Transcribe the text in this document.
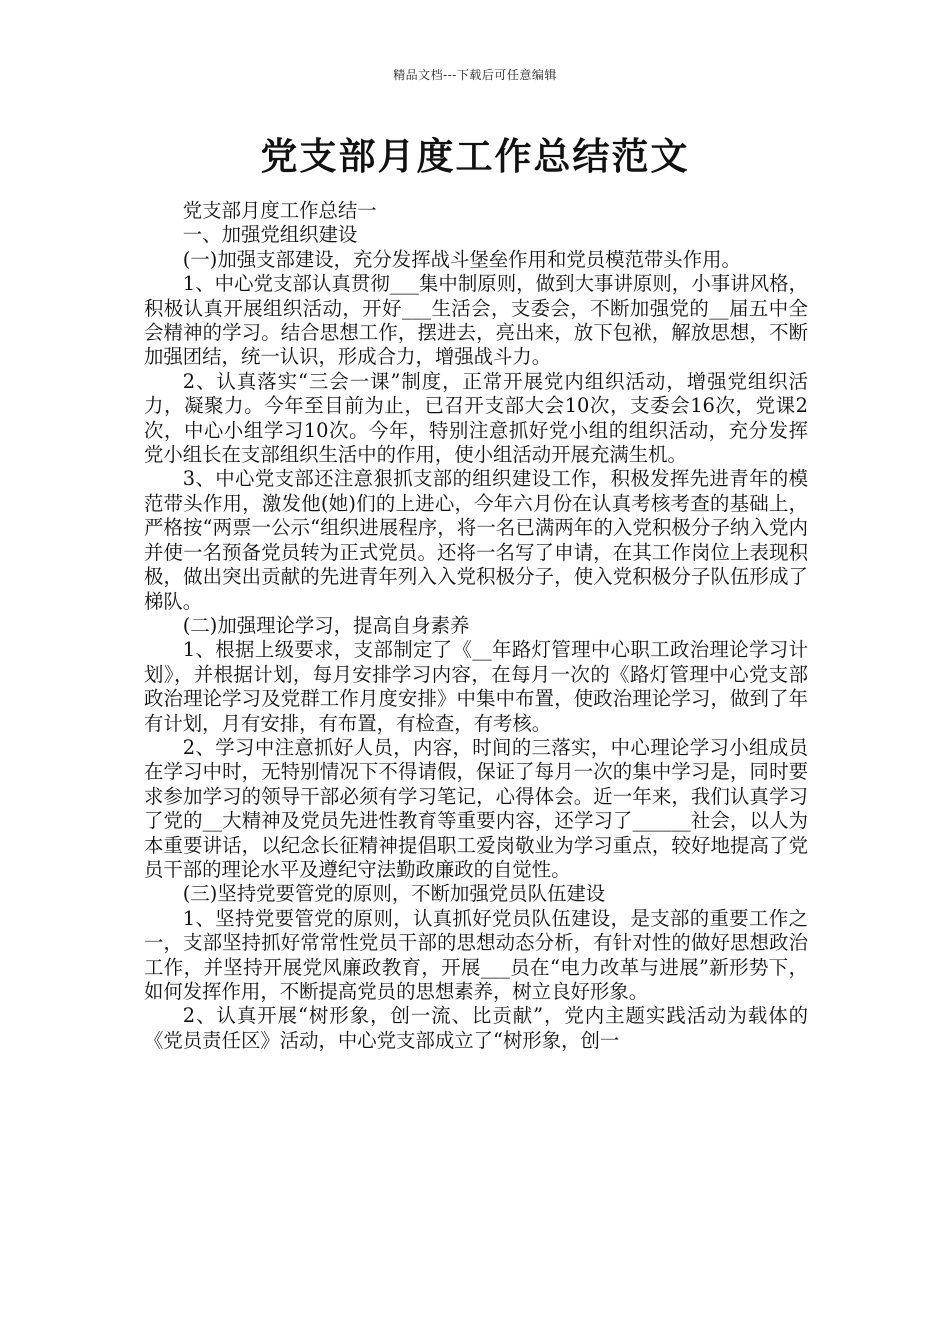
精品文档---下载后可任意编辑
党支部月度工作总结范文

党支部月度工作总结一

一、加强党组织建设

(一)加强支部建设，充分发挥战斗堡垒作用和党员模范带头作用。

1、中心党支部认真贯彻___集中制原则，做到大事讲原则，小事讲风格，积极认真开展组织活动，开好___生活会，支委会，不断加强党的__届五中全会精神的学习。结合思想工作，摆进去，亮出来，放下包袱，解放思想，不断加强团结，统一认识，形成合力，增强战斗力。

2、认真落实“三会一课”制度，正常开展党内组织活动，增强党组织活力，凝聚力。今年至目前为止，已召开支部大会10次，支委会16次，党课2次，中心小组学习10次。今年，特别注意抓好党小组的组织活动，充分发挥党小组长在支部组织生活中的作用，使小组活动开展充满生机。

3、中心党支部还注意狠抓支部的组织建设工作，积极发挥先进青年的模范带头作用，激发他(她)们的上进心，今年六月份在认真考核考查的基础上，严格按“两票一公示“组织进展程序，将一名已满两年的入党积极分子纳入党内并使一名预备党员转为正式党员。还将一名写了申请，在其工作岗位上表现积极，做出突出贡献的先进青年列入入党积极分子，使入党积极分子队伍形成了梯队。

(二)加强理论学习，提高自身素养

1、根据上级要求，支部制定了《__年路灯管理中心职工政治理论学习计划》，并根据计划，每月安排学习内容，在每月一次的《路灯管理中心党支部政治理论学习及党群工作月度安排》中集中布置，使政治理论学习，做到了年有计划，月有安排，有布置，有检查，有考核。

2、学习中注意抓好人员，内容，时间的三落实，中心理论学习小组成员在学习中时，无特别情况下不得请假，保证了每月一次的集中学习是，同时要求参加学习的领导干部必须有学习笔记，心得体会。近一年来，我们认真学习了党的__大精神及党员先进性教育等重要内容，还学习了______社会，以人为本重要讲话，以纪念长征精神提倡职工爱岗敬业为学习重点，较好地提高了党员干部的理论水平及遵纪守法勤政廉政的自觉性。

(三)坚持党要管党的原则，不断加强党员队伍建设

1、坚持党要管党的原则，认真抓好党员队伍建设，是支部的重要工作之一，支部坚持抓好常常性党员干部的思想动态分析，有针对性的做好思想政治工作，并坚持开展党风廉政教育，开展___员在“电力改革与进展”新形势下，如何发挥作用，不断提高党员的思想素养，树立良好形象。

2、认真开展“树形象，创一流、比贡献”，党内主题实践活动为载体的《党员责任区》活动，中心党支部成立了“树形象，创一
